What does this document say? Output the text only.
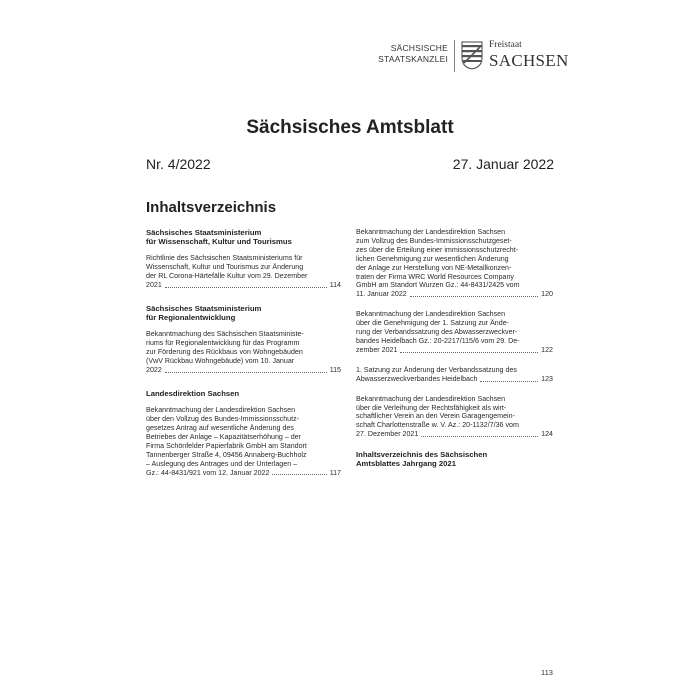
SÄCHSISCHE
STAATSKANZLEI
Freistaat
SACHSEN
Sächsisches Amtsblatt
Nr. 4/2022	27. Januar 2022
Inhaltsverzeichnis
Sächsisches Staatsministerium
für Wissenschaft, Kultur und Tourismus
Richtlinie des Sächsischen Staatsministeriums für
Wissenschaft, Kultur und Tourismus zur Änderung
der RL Corona-Härtefälle Kultur vom 29. Dezember
2021	114
Sächsisches Staatsministerium
für Regionalentwicklung
Bekanntmachung des Sächsischen Staatsministe-
riums für Regionalentwicklung für das Programm
zur Förderung des Rückbaus von Wohngebäuden
(VwV Rückbau Wohngebäude) vom 10. Januar
2022	115
Landesdirektion Sachsen
Bekanntmachung der Landesdirektion Sachsen
über den Vollzug des Bundes-Immissionsschutz-
gesetzes Antrag auf wesentliche Änderung des
Betriebes der Anlage – Kapazitätserhöhung – der
Firma Schönfelder Papierfabrik GmbH am Standort
Tannenberger Straße 4, 09456 Annaberg-Buchholz
– Auslegung des Antrages und der Unterlagen –
Gz.: 44-8431/921 vom 12. Januar 2022	117
Bekanntmachung der Landesdirektion Sachsen
zum Vollzug des Bundes-Immissionsschutzgeset-
zes über die Erteilung einer immissionsschutzrecht-
lichen Genehmigung zur wesentlichen Änderung
der Anlage zur Herstellung von NE-Metallkonzen-
traten der Firma WRC World Resources Company
GmbH am Standort Wurzen Gz.: 44-8431/2425 vom
11. Januar 2022	120
Bekanntmachung der Landesdirektion Sachsen
über die Genehmigung der 1. Satzung zur Ände-
rung der Verbandssatzung des Abwasserzweckver-
bandes Heidelbach Gz.: 20-2217/115/6 vom 29. De-
zember 2021	122
1. Satzung zur Änderung der Verbandssatzung des
Abwasserzweckverbandes Heidelbach	123
Bekanntmachung der Landesdirektion Sachsen
über die Verleihung der Rechtsfähigkeit als wirt-
schaftlicher Verein an den Verein Garagengemein-
schaft Charlottenstraße w. V. Az.: 20-1132/7/36 vom
27. Dezember 2021	124
Inhaltsverzeichnis des Sächsischen
Amtsblattes Jahrgang 2021
113
